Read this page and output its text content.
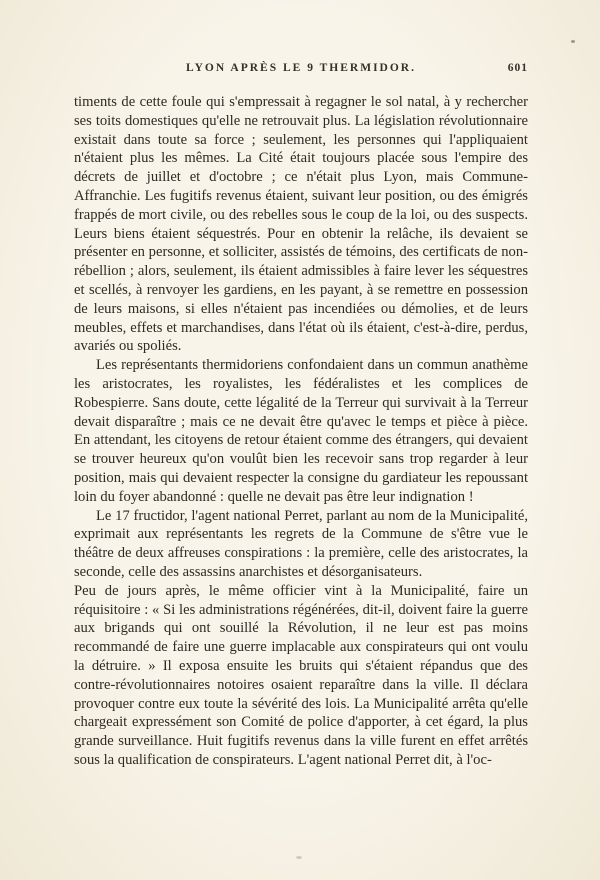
LYON APRÈS LE 9 THERMIDOR.	601

timents de cette foule qui s'empressait à regagner le sol natal, à y rechercher ses toits domestiques qu'elle ne retrouvait plus. La législation révolutionnaire existait dans toute sa force ; seulement, les personnes qui l'appliquaient n'étaient plus les mêmes. La Cité était toujours placée sous l'empire des décrets de juillet et d'octobre ; ce n'était plus Lyon, mais Commune-Affranchie. Les fugitifs revenus étaient, suivant leur position, ou des émigrés frappés de mort civile, ou des rebelles sous le coup de la loi, ou des suspects. Leurs biens étaient séquestrés. Pour en obtenir la relâche, ils devaient se présenter en personne, et solliciter, assistés de témoins, des certificats de non-rébellion ; alors, seulement, ils étaient admissibles à faire lever les séquestres et scellés, à renvoyer les gardiens, en les payant, à se remettre en possession de leurs maisons, si elles n'étaient pas incendiées ou démolies, et de leurs meubles, effets et marchandises, dans l'état où ils étaient, c'est-à-dire, perdus, avariés ou spoliés.

Les représentants thermidoriens confondaient dans un commun anathème les aristocrates, les royalistes, les fédéralistes et les complices de Robespierre. Sans doute, cette légalité de la Terreur qui survivait à la Terreur devait disparaître ; mais ce ne devait être qu'avec le temps et pièce à pièce. En attendant, les citoyens de retour étaient comme des étrangers, qui devaient se trouver heureux qu'on voulût bien les recevoir sans trop regarder à leur position, mais qui devaient respecter la consigne du gardiateur les repoussant loin du foyer abandonné : quelle ne devait pas être leur indignation !

Le 17 fructidor, l'agent national Perret, parlant au nom de la Municipalité, exprimait aux représentants les regrets de la Commune de s'être vue le théâtre de deux affreuses conspirations : la première, celle des aristocrates, la seconde, celle des assassins anarchistes et désorganisateurs.

Peu de jours après, le même officier vint à la Municipalité, faire un réquisitoire : « Si les administrations régénérées, dit-il, doivent faire la guerre aux brigands qui ont souillé la Révolution, il ne leur est pas moins recommandé de faire une guerre implacable aux conspirateurs qui ont voulu la détruire. » Il exposa ensuite les bruits qui s'étaient répandus que des contre-révolutionnaires notoires osaient reparaître dans la ville. Il déclara provoquer contre eux toute la sévérité des lois. La Municipalité arrêta qu'elle chargeait expressément son Comité de police d'apporter, à cet égard, la plus grande surveillance. Huit fugitifs revenus dans la ville furent en effet arrêtés sous la qualification de conspirateurs. L'agent national Perret dit, à l'oc-
